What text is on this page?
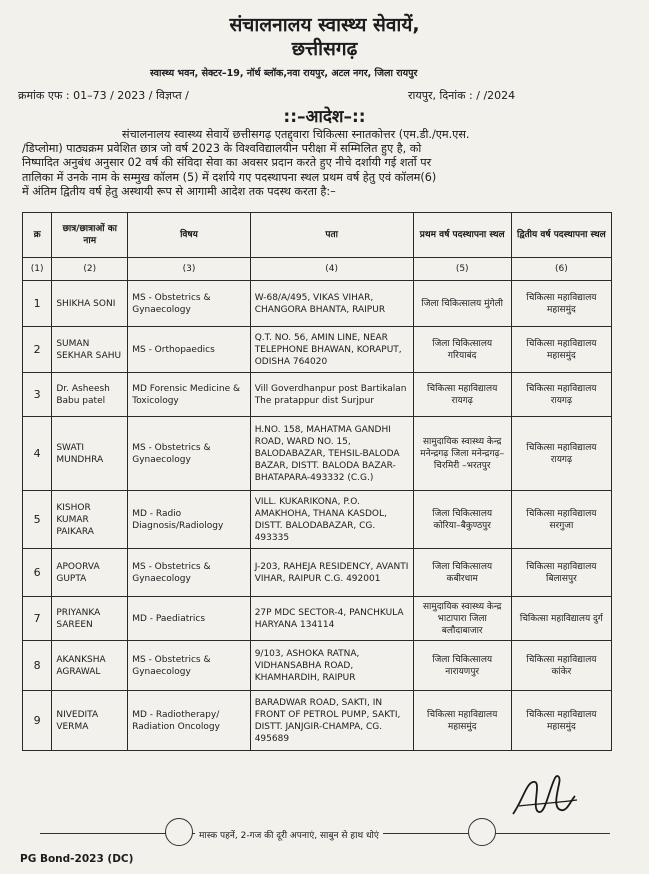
संचालनालय स्वास्थ्य सेवायें,
छत्तीसगढ़
स्वास्थ्य भवन, सेक्टर–19, नॉर्थ ब्लॉक,नवा रायपुर, अटल नगर, जिला रायपुर
क्रमांक एफ : 01–73 / 2023 / विज्ञप्त /	रायपुर, दिनांक : / /2024
::–आदेश–::
संचालनालय स्वास्थ्य सेवायें छत्तीसगढ़ एतद्द्वारा चिकित्सा स्नातकोत्तर (एम.डी./एम.एस.
/डिप्लोमा) पाठ्यक्रम प्रवेशित छात्र जो वर्ष 2023 के विश्वविद्यालयीन परीक्षा में सम्मिलित हुए है, को
निष्पादित अनुबंध अनुसार 02 वर्ष की संविदा सेवा का अवसर प्रदान करते हुए नीचे दर्शायी गई शर्तो पर
तालिका में उनके नाम के सम्मुख कॉलम (5) में दर्शाये गए पदस्थापना स्थल प्रथम वर्ष हेतु एवं कॉलम(6)
में अंतिम द्वितीय वर्ष हेतु अस्थायी रूप से आगामी आदेश तक पदस्थ करता है:–
क्र	छात्र/छात्राओं का नाम	विषय	पता	प्रथम वर्ष पदस्थापना स्थल	द्वितीय वर्ष पदस्थापना स्थल
(1)	(2)	(3)	(4)	(5)	(6)
1	SHIKHA SONI	MS - Obstetrics & Gynaecology	W-68/A/495, VIKAS VIHAR, CHANGORA BHANTA, RAIPUR	जिला चिकित्सालय मुंगेली	चिकित्सा महाविद्यालय महासमुंद
2	SUMAN SEKHAR SAHU	MS - Orthopaedics	Q.T. NO. 56, AMIN LINE, NEAR TELEPHONE BHAWAN, KORAPUT, ODISHA 764020	जिला चिकित्सालय गरियाबंद	चिकित्सा महाविद्यालय महासमुंद
3	Dr. Asheesh Babu patel	MD Forensic Medicine & Toxicology	Vill Goverdhanpur post Bartikalan The pratappur dist Surjpur	चिकित्सा महाविद्यालय रायगढ़	चिकित्सा महाविद्यालय रायगढ़
4	SWATI MUNDHRA	MS - Obstetrics & Gynaecology	H.NO. 158, MAHATMA GANDHI ROAD, WARD NO. 15, BALODABAZAR, TEHSIL-BALODA BAZAR, DISTT. BALODA BAZAR-BHATAPARA-493332 (C.G.)	सामुदायिक स्वास्थ्य केन्द्र मनेन्द्रगढ़ जिला मनेन्द्रगढ़–चिरमिरी –भरतपुर	चिकित्सा महाविद्यालय रायगढ़
5	KISHOR KUMAR PAIKARA	MD - Radio Diagnosis/Radiology	VILL. KUKARIKONA, P.O. AMAKHOHA, THANA KASDOL, DISTT. BALODABAZAR, CG. 493335	जिला चिकित्सालय कोरिया–बैकुण्ठपुर	चिकित्सा महाविद्यालय सरगुजा
6	APOORVA GUPTA	MS - Obstetrics & Gynaecology	J-203, RAHEJA RESIDENCY, AVANTI VIHAR, RAIPUR C.G. 492001	जिला चिकित्सालय कबीरधाम	चिकित्सा महाविद्यालय बिलासपुर
7	PRIYANKA SAREEN	MD - Paediatrics	27P MDC SECTOR-4, PANCHKULA HARYANA 134114	सामुदायिक स्वास्थ्य केन्द्र भाटापारा जिला बलौदाबाजार	चिकित्सा महाविद्यालय दुर्ग
8	AKANKSHA AGRAWAL	MS - Obstetrics & Gynaecology	9/103, ASHOKA RATNA, VIDHANSABHA ROAD, KHAMHARDIH, RAIPUR	जिला चिकित्सालय नारायणपुर	चिकित्सा महाविद्यालय कांकेर
9	NIVEDITA VERMA	MD - Radiotherapy/ Radiation Oncology	BARADWAR ROAD, SAKTI, IN FRONT OF PETROL PUMP, SAKTI, DISTT. JANJGIR-CHAMPA, CG. 495689	चिकित्सा महाविद्यालय महासमुंद	चिकित्सा महाविद्यालय महासमुंद
मास्क पहनें, 2-गज की दूरी अपनाएं, साबुन से हाथ धोएं
PG Bond-2023 (DC)
